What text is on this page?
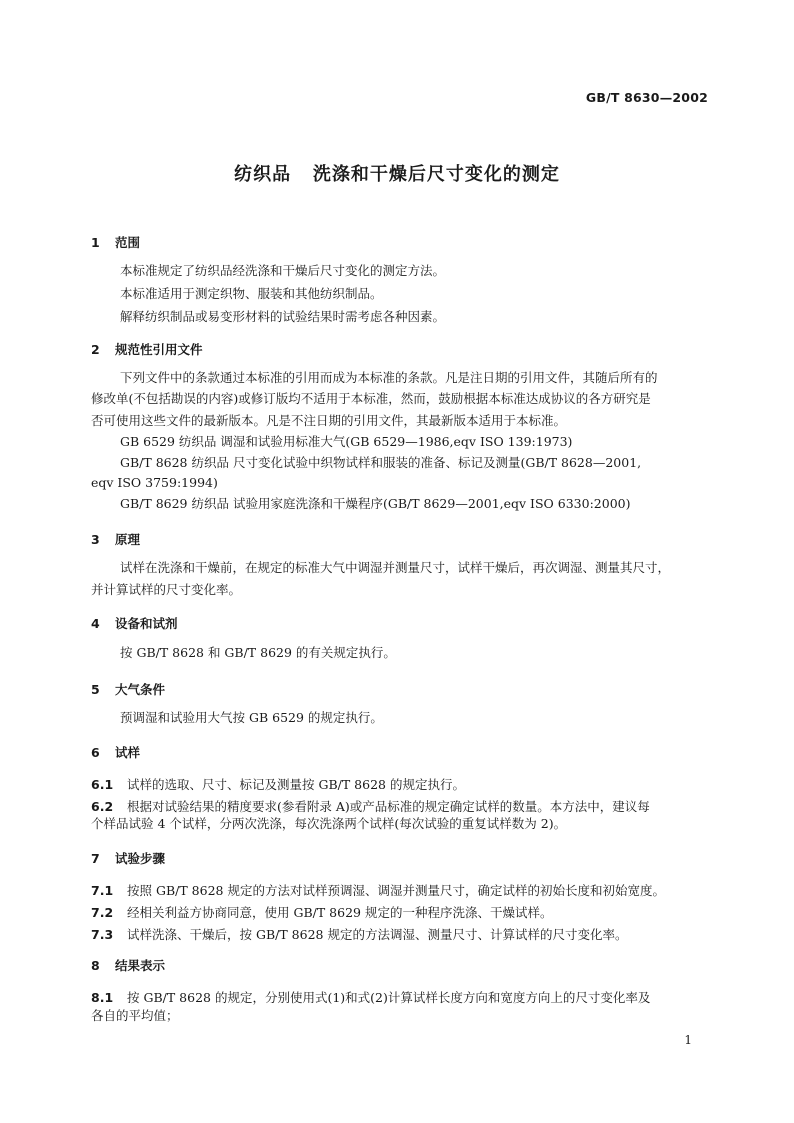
GB/T 8630—2002
纺织品   洗涤和干燥后尺寸变化的测定
1 范围
本标准规定了纺织品经洗涤和干燥后尺寸变化的测定方法。
本标准适用于测定织物、服装和其他纺织制品。
解释纺织制品或易变形材料的试验结果时需考虑各种因素。
2 规范性引用文件
下列文件中的条款通过本标准的引用而成为本标准的条款。凡是注日期的引用文件，其随后所有的
修改单(不包括勘误的内容)或修订版均不适用于本标准，然而，鼓励根据本标准达成协议的各方研究是
否可使用这些文件的最新版本。凡是不注日期的引用文件，其最新版本适用于本标准。
GB 6529 纺织品 调湿和试验用标准大气(GB 6529—1986,eqv ISO 139:1973)
GB/T 8628 纺织品 尺寸变化试验中织物试样和服装的准备、标记及测量(GB/T 8628—2001,
eqv ISO 3759:1994)
GB/T 8629 纺织品 试验用家庭洗涤和干燥程序(GB/T 8629—2001,eqv ISO 6330:2000)
3 原理
试样在洗涤和干燥前，在规定的标准大气中调湿并测量尺寸，试样干燥后，再次调湿、测量其尺寸，
并计算试样的尺寸变化率。
4 设备和试剂
按 GB/T 8628 和 GB/T 8629 的有关规定执行。
5 大气条件
预调湿和试验用大气按 GB 6529 的规定执行。
6 试样
6.1 试样的选取、尺寸、标记及测量按 GB/T 8628 的规定执行。
6.2 根据对试验结果的精度要求(参看附录 A)或产品标准的规定确定试样的数量。本方法中，建议每
个样品试验 4 个试样，分两次洗涤，每次洗涤两个试样(每次试验的重复试样数为 2)。
7 试验步骤
7.1 按照 GB/T 8628 规定的方法对试样预调湿、调湿并测量尺寸，确定试样的初始长度和初始宽度。
7.2 经相关利益方协商同意，使用 GB/T 8629 规定的一种程序洗涤、干燥试样。
7.3 试样洗涤、干燥后，按 GB/T 8628 规定的方法调湿、测量尺寸、计算试样的尺寸变化率。
8 结果表示
8.1 按 GB/T 8628 的规定，分别使用式(1)和式(2)计算试样长度方向和宽度方向上的尺寸变化率及
各自的平均值；
1
